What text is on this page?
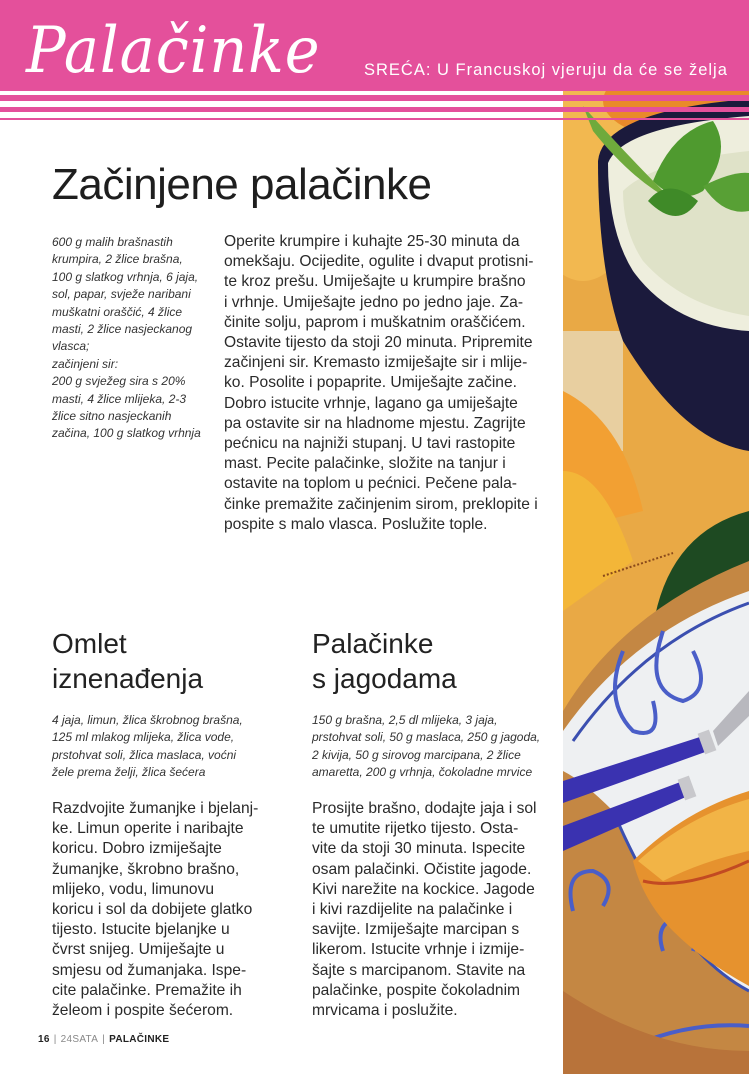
Palačinke	SREĆA: U Francuskoj vjeruju da će se želja
Začinjene palačinke

600 g malih brašnastih

krumpira, 2 žlice brašna,

100 g slatkog vrhnja, 6 jaja,

sol, papar, svježe naribani

muškatni oraščić, 4 žlice

masti, 2 žlice nasjeckanog

vlasca;

začinjeni sir:

200 g svježeg sira s 20%

masti, 4 žlice mlijeka, 2-3

žlice sitno nasjeckanih

začina, 100 g slatkog vrhnja

Operite krumpire i kuhajte 25-30 minuta da

omekšaju. Ocijedite, ogulite i dvaput protisni-

te kroz prešu. Umiješajte u krumpire brašno

i vrhnje. Umiješajte jedno po jedno jaje. Za-

činite solju, paprom i muškatnim oraščićem.

Ostavite tijesto da stoji 20 minuta. Pripremite

začinjeni sir. Kremasto izmiješajte sir i mlije-

ko. Posolite i popaprite. Umiješajte začine.

Dobro istucite vrhnje, lagano ga umiješajte

pa ostavite sir na hladnome mjestu. Zagrijte

pećnicu na najniži stupanj. U tavi rastopite

mast. Pecite palačinke, složite na tanjur i

ostavite na toplom u pećnici. Pečene pala-

činke premažite začinjenim sirom, preklopite i

pospite s malo vlasca. Poslužite tople.

Omlet
iznenađenja

4 jaja, limun, žlica škrobnog brašna,

125 ml mlakog mlijeka, žlica vode,

prstohvat soli, žlica maslaca, voćni

žele prema želji, žlica šećera

Razdvojite žumanjke i bjelanj-

ke. Limun operite i naribajte

koricu. Dobro izmiješajte

žumanjke, škrobno brašno,

mlijeko, vodu, limunovu

koricu i sol da dobijete glatko

tijesto. Istucite bjelanjke u

čvrst snijeg. Umiješajte u

smjesu od žumanjaka. Ispe-

cite palačinke. Premažite ih

želeom i pospite šećerom.

Palačinke
s jagodama

150 g brašna, 2,5 dl mlijeka, 3 jaja,

prstohvat soli, 50 g maslaca, 250 g jagoda,

2 kivija, 50 g sirovog marcipana, 2 žlice

amaretta, 200 g vrhnja, čokoladne mrvice

Prosijte brašno, dodajte jaja i sol

te umutite rijetko tijesto. Osta-

vite da stoji 30 minuta. Ispecite

osam palačinki. Očistite jagode.

Kivi narežite na kockice. Jagode

i kivi razdijelite na palačinke i

savijte. Izmiješajte marcipan s

likerom. Istucite vrhnje i izmije-

šajte s marcipanom. Stavite na

palačinke, pospite čokoladnim

mrvicama i poslužite.

16 | 24SATA | PALAČINKE
